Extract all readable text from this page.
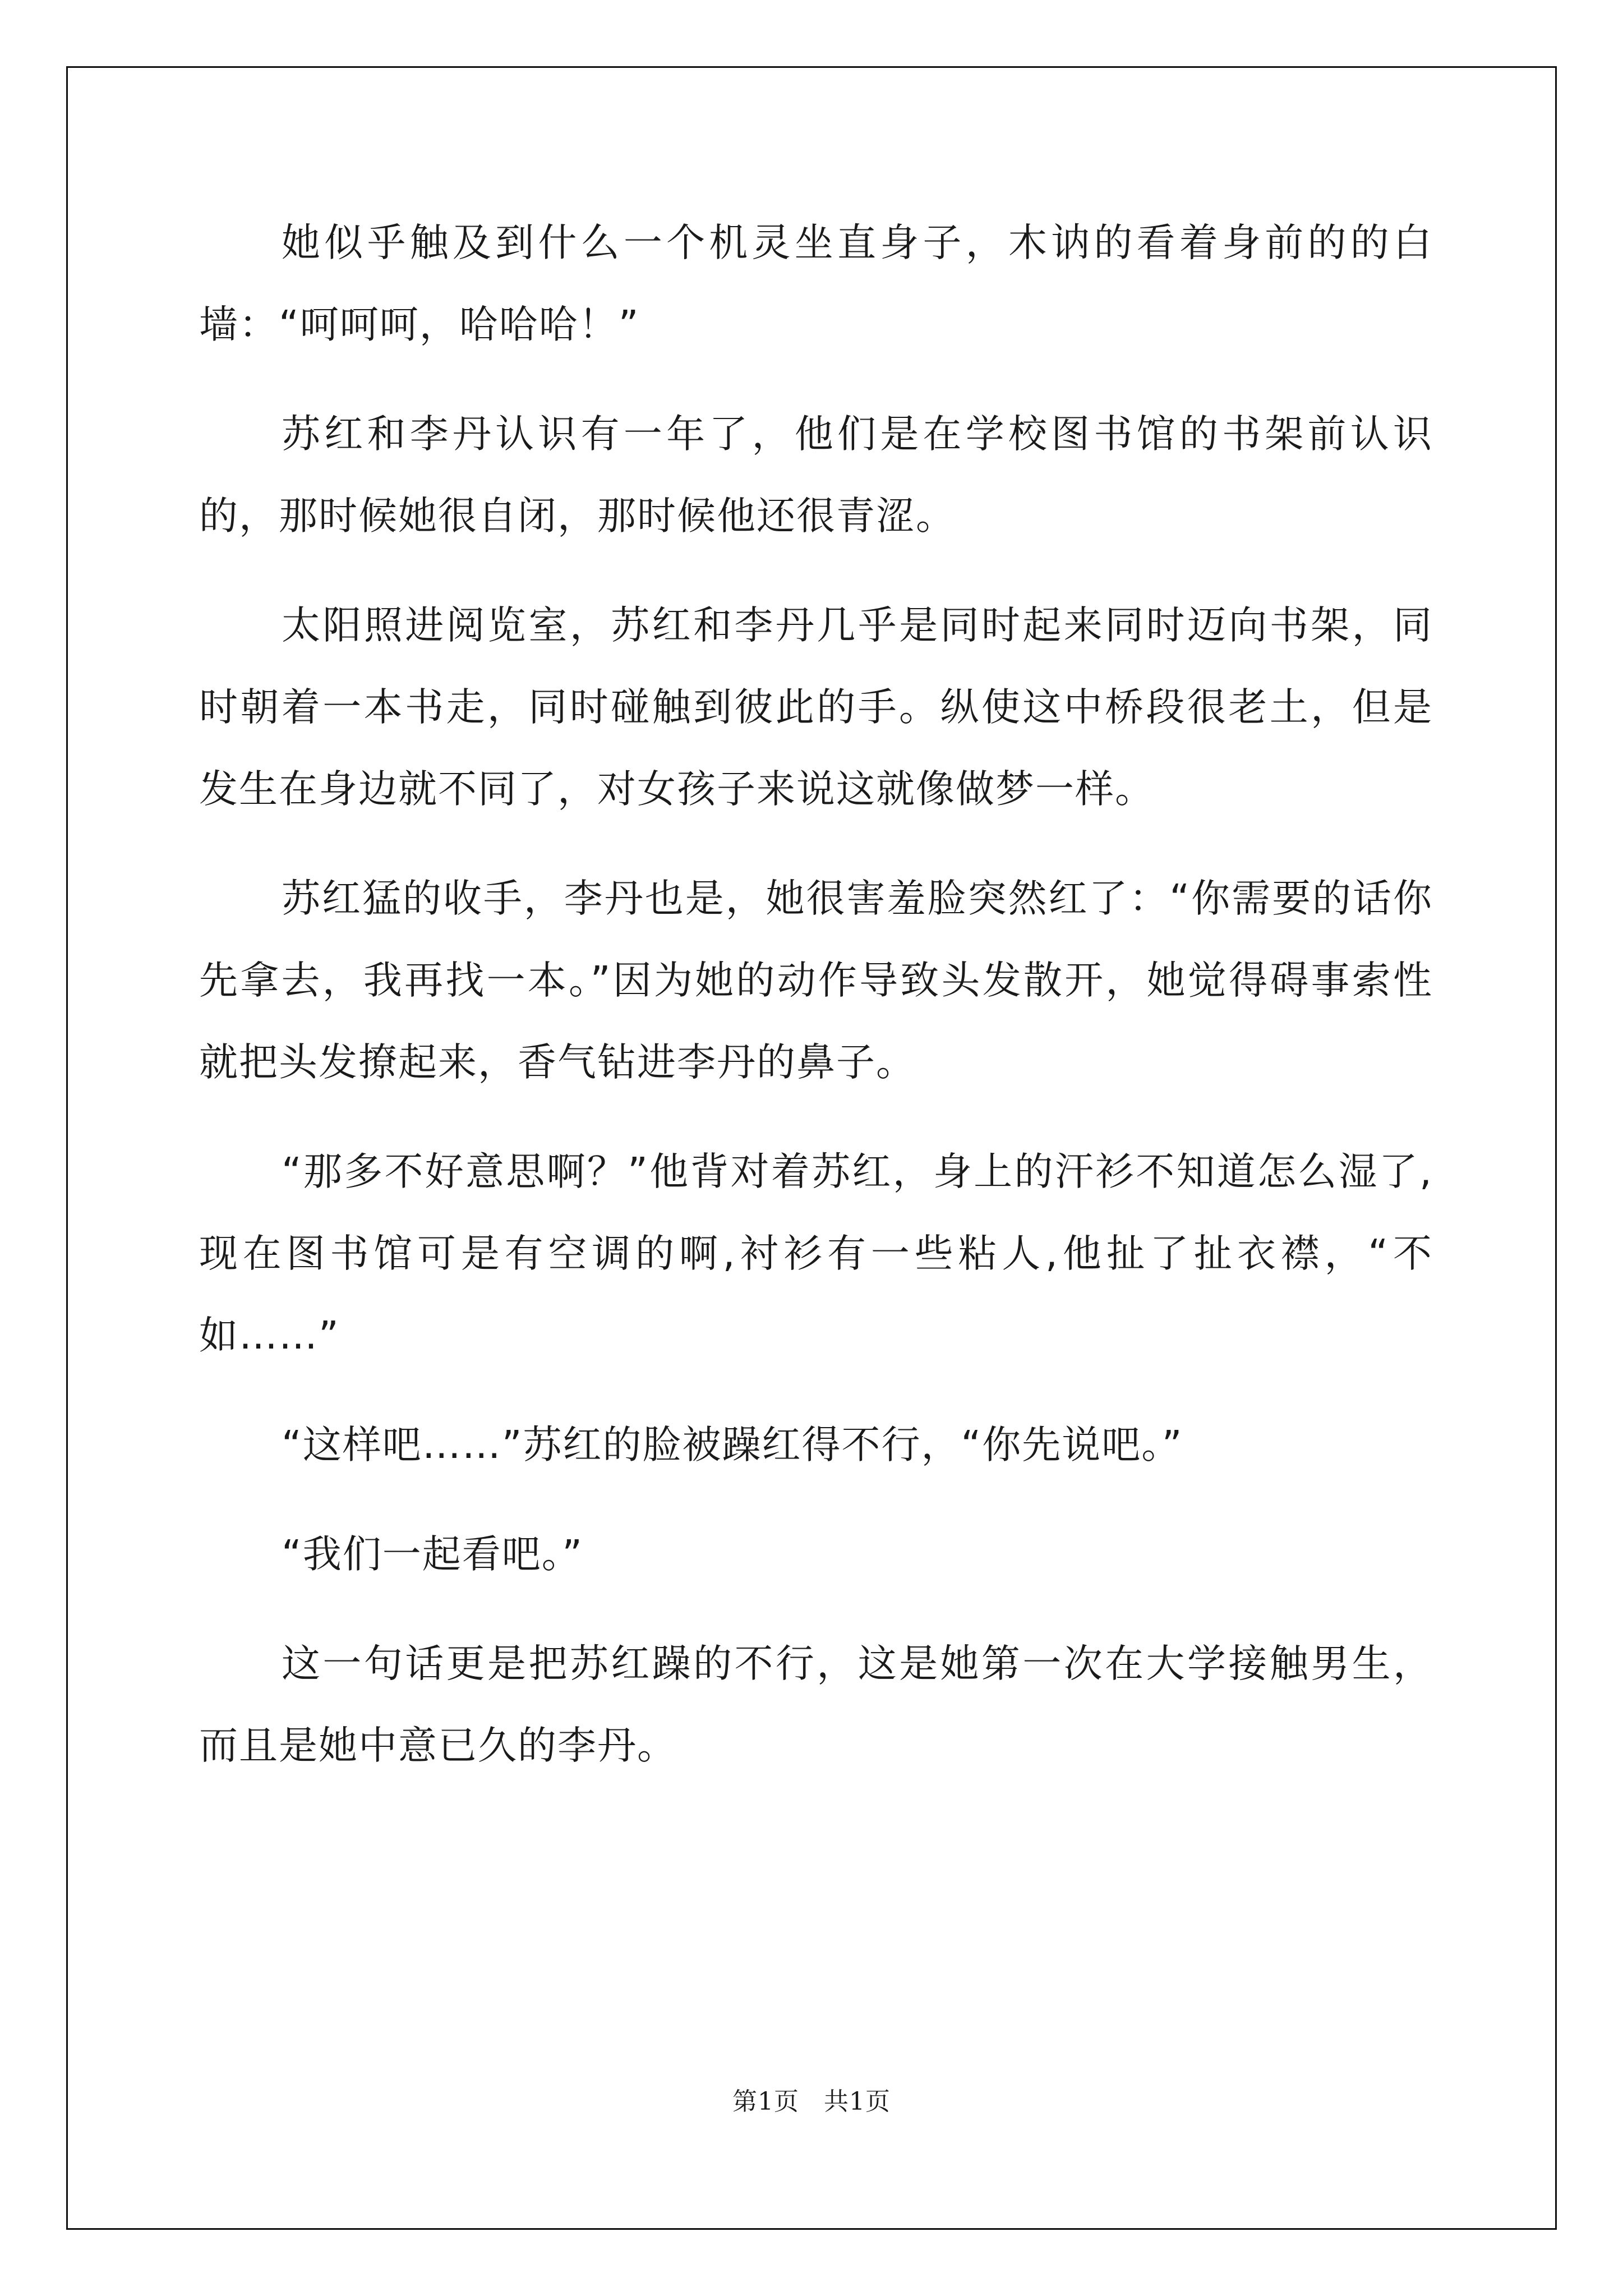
她似乎触及到什么一个机灵坐直身子，木讷的看着身前的的白墙：“呵呵呵，哈哈哈！”

苏红和李丹认识有一年了，他们是在学校图书馆的书架前认识的，那时候她很自闭，那时候他还很青涩。

太阳照进阅览室，苏红和李丹几乎是同时起来同时迈向书架，同时朝着一本书走，同时碰触到彼此的手。纵使这中桥段很老土，但是发生在身边就不同了，对女孩子来说这就像做梦一样。

苏红猛的收手，李丹也是，她很害羞脸突然红了：“你需要的话你先拿去，我再找一本。”因为她的动作导致头发散开，她觉得碍事索性就把头发撩起来，香气钻进李丹的鼻子。

“那多不好意思啊？”他背对着苏红，身上的汗衫不知道怎么湿了,现在图书馆可是有空调的啊,衬衫有一些粘人,他扯了扯衣襟，“不如……”

“这样吧……”苏红的脸被躁红得不行，“你先说吧。”

“我们一起看吧。”

这一句话更是把苏红躁的不行，这是她第一次在大学接触男生，而且是她中意已久的李丹。

第1页 共1页
